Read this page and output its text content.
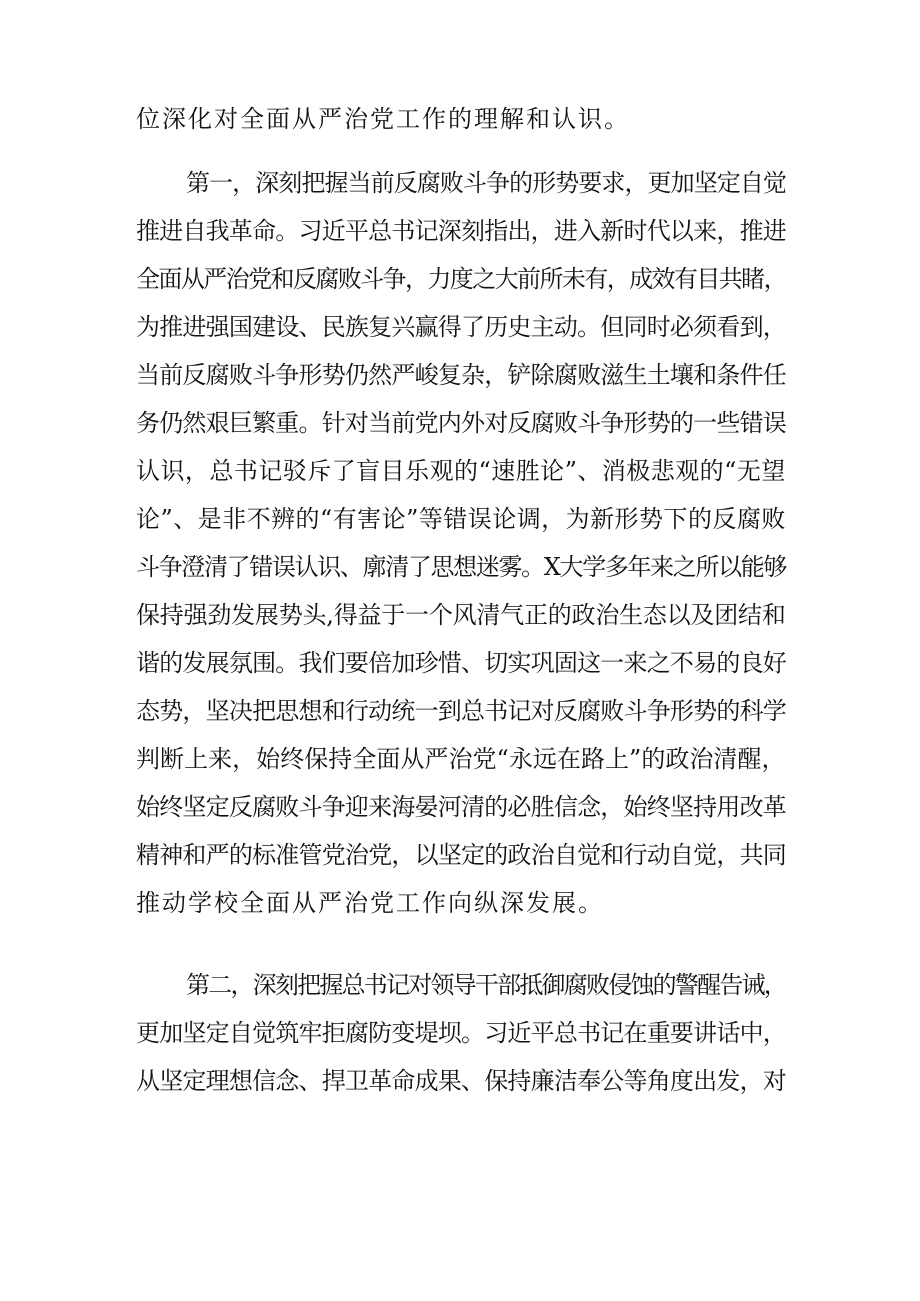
位深化对全面从严治党工作的理解和认识。
第一，深刻把握当前反腐败斗争的形势要求，更加坚定自觉
推进自我革命。习近平总书记深刻指出，进入新时代以来，推进
全面从严治党和反腐败斗争，力度之大前所未有，成效有目共睹，
为推进强国建设、民族复兴赢得了历史主动。但同时必须看到，
当前反腐败斗争形势仍然严峻复杂，铲除腐败滋生土壤和条件任
务仍然艰巨繁重。针对当前党内外对反腐败斗争形势的一些错误
认识，总书记驳斥了盲目乐观的“速胜论”、消极悲观的“无望
论”、是非不辨的“有害论”等错误论调，为新形势下的反腐败
斗争澄清了错误认识、廓清了思想迷雾。X大学多年来之所以能够
保持强劲发展势头,得益于一个风清气正的政治生态以及团结和
谐的发展氛围。我们要倍加珍惜、切实巩固这一来之不易的良好
态势，坚决把思想和行动统一到总书记对反腐败斗争形势的科学
判断上来，始终保持全面从严治党“永远在路上”的政治清醒，
始终坚定反腐败斗争迎来海晏河清的必胜信念，始终坚持用改革
精神和严的标准管党治党，以坚定的政治自觉和行动自觉，共同
推动学校全面从严治党工作向纵深发展。
第二，深刻把握总书记对领导干部抵御腐败侵蚀的警醒告诫，
更加坚定自觉筑牢拒腐防变堤坝。习近平总书记在重要讲话中，
从坚定理想信念、捍卫革命成果、保持廉洁奉公等角度出发，对
